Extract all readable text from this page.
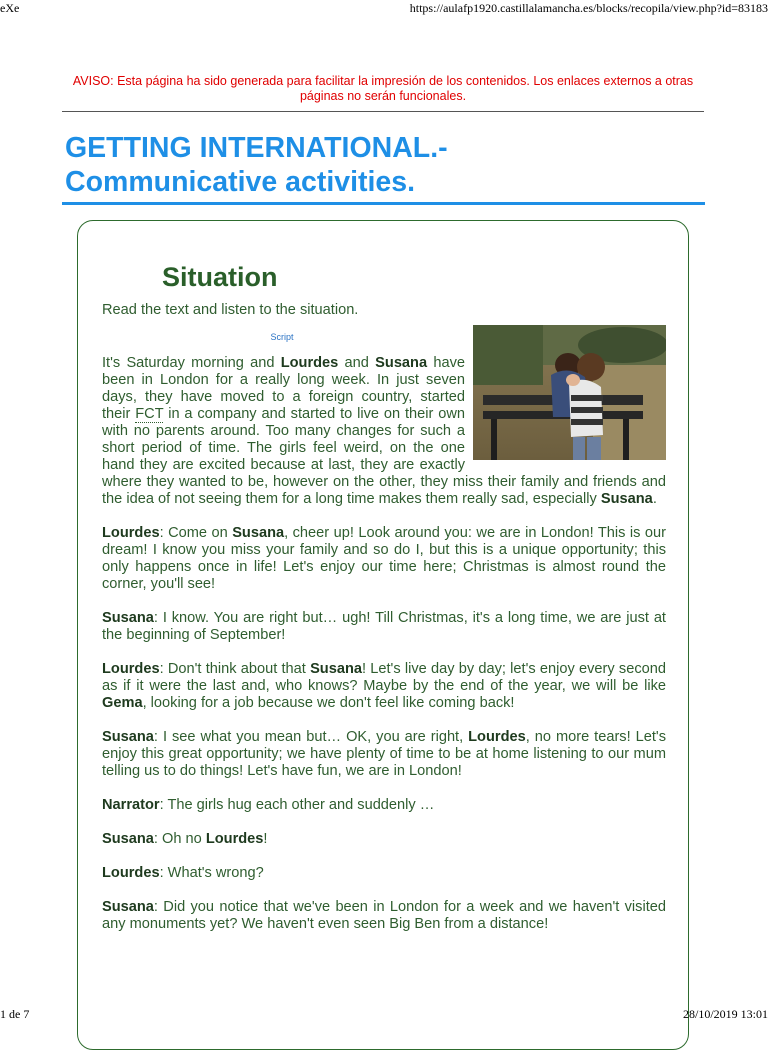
eXe	https://aulafp1920.castillalamancha.es/blocks/recopila/view.php?id=83183
AVISO: Esta página ha sido generada para facilitar la impresión de los contenidos. Los enlaces externos a otras páginas no serán funcionales.
GETTING INTERNATIONAL.-
Communicative activities.
Situation

Read the text and listen to the situation.

Script

It's Saturday morning and Lourdes and Susana have been in London for a really long week. In just seven days, they have moved to a foreign country, started their FCT in a company and started to live on their own with no parents around. Too many changes for such a short period of time. The girls feel weird, on the one hand they are excited because at last, they are exactly where they wanted to be, however on the other, they miss their family and friends and the idea of not seeing them for a long time makes them really sad, especially Susana.

Lourdes: Come on Susana, cheer up! Look around you: we are in London! This is our dream! I know you miss your family and so do I, but this is a unique opportunity; this only happens once in life! Let's enjoy our time here; Christmas is almost round the corner, you'll see!

Susana: I know. You are right but… ugh! Till Christmas, it's a long time, we are just at the beginning of September!

Lourdes: Don't think about that Susana! Let's live day by day; let's enjoy every second as if it were the last and, who knows? Maybe by the end of the year, we will be like Gema, looking for a job because we don't feel like coming back!

Susana: I see what you mean but… OK, you are right, Lourdes, no more tears! Let's enjoy this great opportunity; we have plenty of time to be at home listening to our mum telling us to do things! Let's have fun, we are in London!

Narrator: The girls hug each other and suddenly …

Susana: Oh no Lourdes!

Lourdes: What's wrong?

Susana: Did you notice that we've been in London for a week and we haven't visited any monuments yet? We haven't even seen Big Ben from a distance!

1 de 7	28/10/2019 13:01
